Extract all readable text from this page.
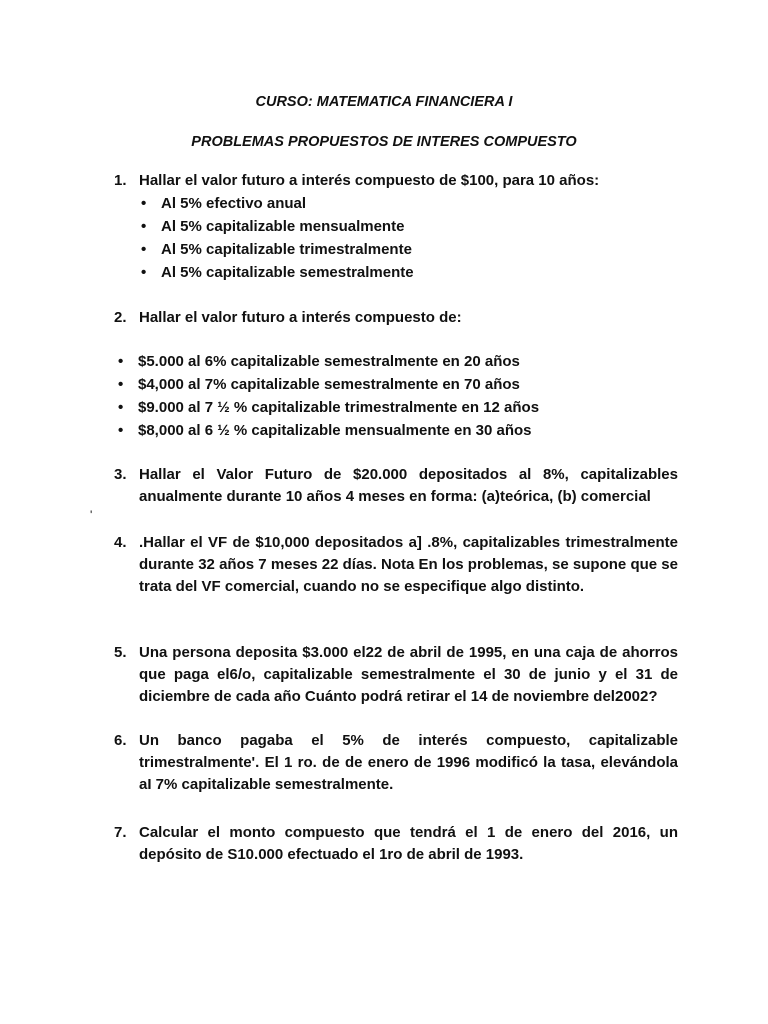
CURSO: MATEMATICA FINANCIERA I
PROBLEMAS PROPUESTOS DE INTERES COMPUESTO
1. Hallar el valor futuro a interés compuesto de $100, para 10 años:
• Al 5% efectivo anual
• Al 5% capitalizable mensualmente
• Al 5% capitalizable trimestralmente
• Al 5% capitalizable semestralmente
2. Hallar el valor futuro a interés compuesto de:
• $5.000 al 6% capitalizable semestralmente en 20 años
• $4,000 al 7% capitalizable semestralmente en 70 años
• $9.000 al 7 ½ % capitalizable trimestralmente en 12 años
• $8,000 al 6 ½ % capitalizable mensualmente en 30 años
3. Hallar el Valor Futuro de $20.000 depositados al 8%, capitalizables anualmente durante 10 años 4 meses en forma: (a)teórica, (b) comercial
'
4. .Hallar el VF de $10,000 depositados a] .8%, capitalizables trimestralmente durante 32 años 7 meses 22 días. Nota En los problemas, se supone que se trata del VF comercial, cuando no se especifique algo distinto.
5. Una persona deposita $3.000 el22 de abril de 1995, en una caja de ahorros que paga el6/o, capitalizable semestralmente el 30 de junio y el 31 de diciembre de cada año Cuánto podrá retirar el 14 de noviembre del2002?
6. Un banco pagaba el 5% de interés compuesto, capitalizable trimestralmente'. El 1 ro. de de enero de 1996 modificó la tasa, elevándola aI 7% capitalizable semestralmente.
7. Calcular el monto compuesto que tendrá el 1 de enero del 2016, un depósito de S10.000 efectuado el 1ro de abril de 1993.
